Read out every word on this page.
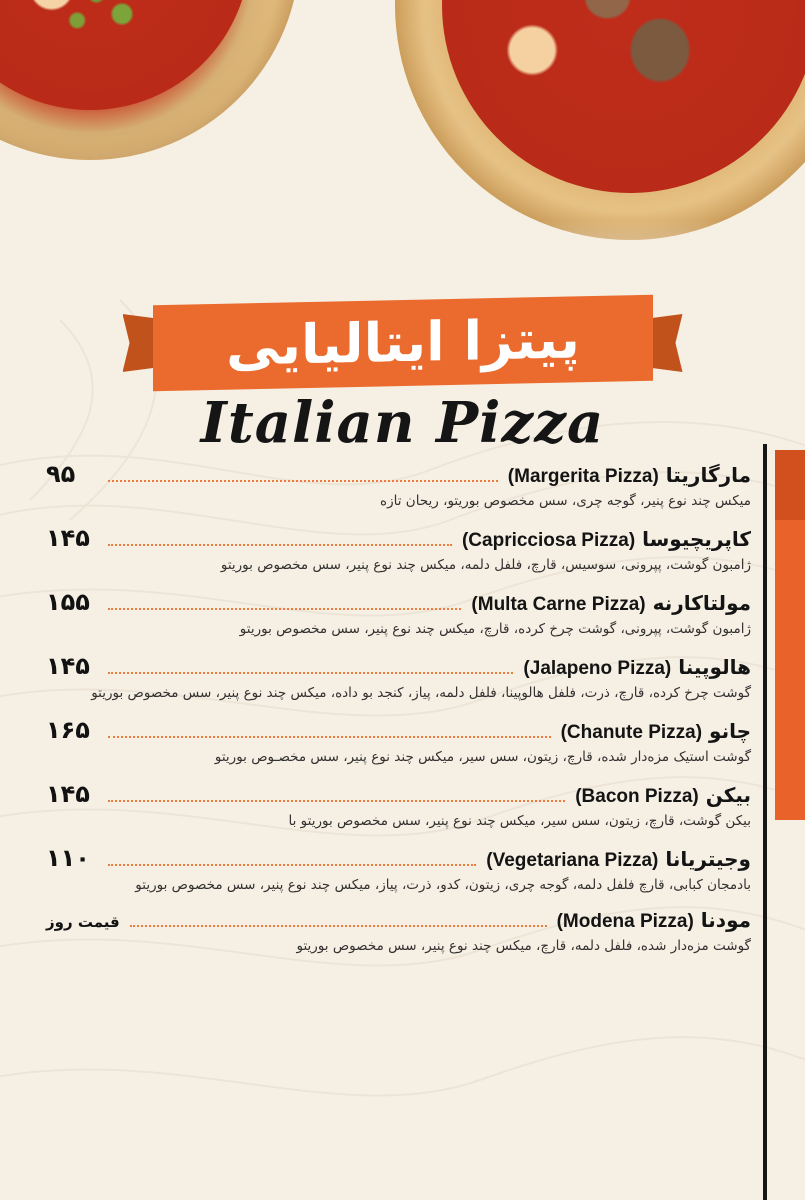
پیتزا ایتالیایی
Italian Pizza
مارگاریتا (Margerita Pizza)
۹۵
میکس چند نوع پنیر، گوجه چری، سس مخصوص بوریتو، ریحان تازه
کاپریچیوسا (Capricciosa Pizza)
۱۴۵
ژامبون گوشت، پپرونی، سوسیس، قارچ، فلفل دلمه، میکس چند نوع پنیر، سس مخصوص بوریتو
مولتاکارنه (Multa Carne Pizza)
۱۵۵
ژامبون گوشت، پپرونی، گوشت چرخ کرده، قارچ، میکس چند نوع پنیر، سس مخصوص بوریتو
هالوپینا (Jalapeno Pizza)
۱۴۵
گوشت چرخ کرده، قارچ، ذرت، فلفل هالوپینا، فلفل دلمه، پیاز، کنجد بو داده، میکس چند نوع پنیر، سس مخصوص بوریتو
چانو (Chanute Pizza)
۱۶۵
گوشت استیک مزه‌دار شده، قارچ، زیتون، سس سیر، میکس چند نوع پنیر، سس مخصـوص بوریتو
بیکن (Bacon Pizza)
۱۴۵
بیکن گوشت، قارچ، زیتون، سس سیر، میکس چند نوع پنیر، سس مخصوص بوریتو با
وجیتریانا (Vegetariana Pizza)
۱۱۰
بادمجان کبابی، قارچ فلفل دلمه، گوجه چری، زیتون، کدو، ذرت، پیاز، میکس چند نوع پنیر، سس مخصوص بوریتو
مودنا (Modena Pizza)
قیمت روز
گوشت مزه‌دار شده، فلفل دلمه، قارچ، میکس چند نوع پنیر، سس مخصوص بوریتو
